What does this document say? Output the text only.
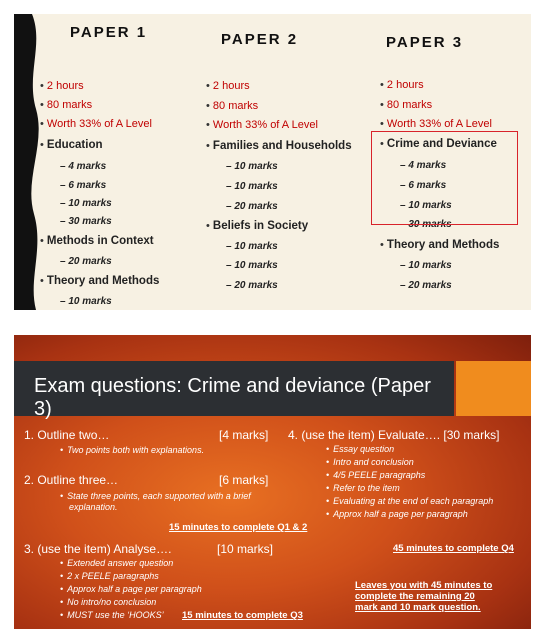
PAPER 1	PAPER 2	PAPER 3
• 2 hours
• 80 marks
• Worth 33% of A Level
• Education
– 4 marks
– 6 marks
– 10 marks
– 30 marks
• Methods in Context
– 20 marks
• Theory and Methods
– 10 marks
• 2 hours
• 80 marks
• Worth 33% of A Level
• Families and Households
– 10 marks
– 10 marks
– 20 marks
• Beliefs in Society
– 10 marks
– 10 marks
– 20 marks
• 2 hours
• 80 marks
• Worth 33% of A Level
• Crime and Deviance
– 4 marks
– 6 marks
– 10 marks
– 30 marks
• Theory and Methods
– 10 marks
– 20 marks
Exam questions: Crime and deviance (Paper 3)
1. Outline two…	[4 marks]
• Two points both with explanations.
2. Outline three…	[6 marks]
• State three points, each supported with a brief
explanation.
15 minutes to complete Q1 & 2
3. (use the item) Analyse….	[10 marks]
• Extended answer question
• 2 x PEELE paragraphs
• Approx half a page per paragraph
• No intro/no conclusion
• MUST use the ‘HOOKS’ 15 minutes to complete Q3
4. (use the item) Evaluate…. [30 marks]
• Essay question
• Intro and conclusion
• 4/5 PEELE paragraphs
• Refer to the item
• Evaluating at the end of each paragraph
• Approx half a page per paragraph
45 minutes to complete Q4
Leaves you with 45 minutes to
complete the remaining 20
mark and 10 mark question.
